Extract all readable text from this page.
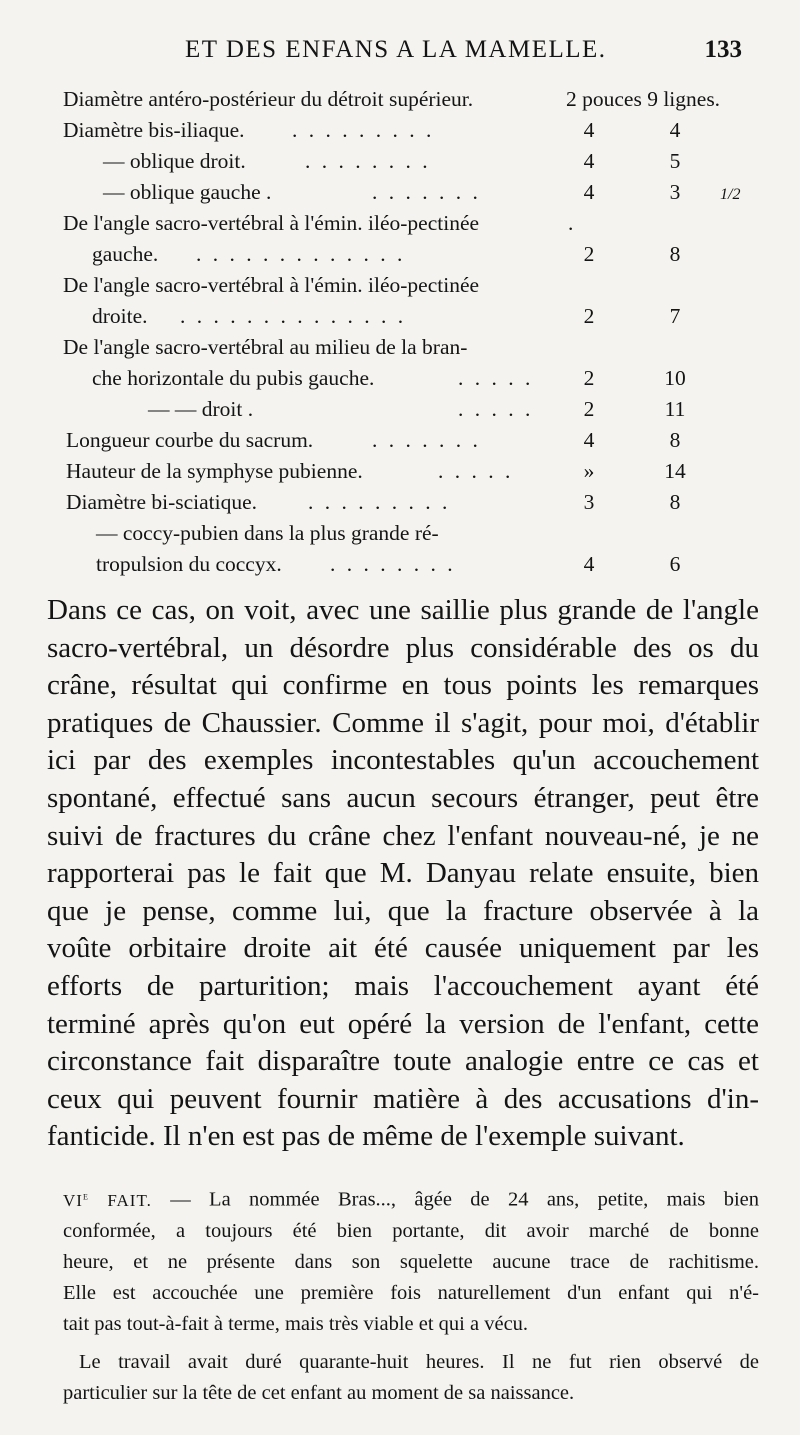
ET DES ENFANS A LA MAMELLE.	133
Diamètre antéro-postérieur du détroit supérieur.	2 pouces 9 lignes.
Diamètre bis-iliaque. . . . . . . . . .	4	4
— oblique droit.	. . . . . . . .	4	5
— oblique gauche .	. . . . . . .	4	3	1/2
De l'angle sacro-vertébral à l'émin. iléo-pectinée	.
gauche. . . . . . . . . . . . . .	2	8
De l'angle sacro-vertébral à l'émin. iléo-pectinée
droite. . . . . . . . . . . . . . .	2	7
De l'angle sacro-vertébral au milieu de la bran-
che horizontale du pubis gauche.	. . . . . 2	10
— — droit .	. . . . . 2	11
Longueur courbe du sacrum.	. . . . . . .	4	8
Hauteur de la symphyse pubienne.	. . . . .	»	14
Diamètre bi-sciatique. . . . . . . . . .	3	8
— coccy-pubien dans la plus grande ré-
tropulsion du coccyx. . . . . . . . .	4	6
Dans ce cas, on voit, avec une saillie plus grande de l'angle
sacro-vertébral, un désordre plus considérable des os du
crâne, résultat qui confirme en tous points les remarques
pratiques de Chaussier. Comme il s'agit, pour moi, d'établir
ici par des exemples incontestables qu'un accouchement
spontané, effectué sans aucun secours étranger, peut être
suivi de fractures du crâne chez l'enfant nouveau-né, je ne
rapporterai pas le fait que M. Danyau relate ensuite, bien
que je pense, comme lui, que la fracture observée à la
voûte orbitaire droite ait été causée uniquement par les
efforts de parturition; mais l'accouchement ayant été
terminé après qu'on eut opéré la version de l'enfant, cette
circonstance fait disparaître toute analogie entre ce cas et
ceux qui peuvent fournir matière à des accusations d'in-
fanticide. Il n'en est pas de même de l'exemple suivant.
VIe FAIT. — La nommée Bras..., âgée de 24 ans, petite, mais bien
conformée, a toujours été bien portante, dit avoir marché de bonne
heure, et ne présente dans son squelette aucune trace de rachitisme.
Elle est accouchée une première fois naturellement d'un enfant qui n'é-
tait pas tout-à-fait à terme, mais très viable et qui a vécu.
Le travail avait duré quarante-huit heures. Il ne fut rien observé de
particulier sur la tête de cet enfant au moment de sa naissance.
